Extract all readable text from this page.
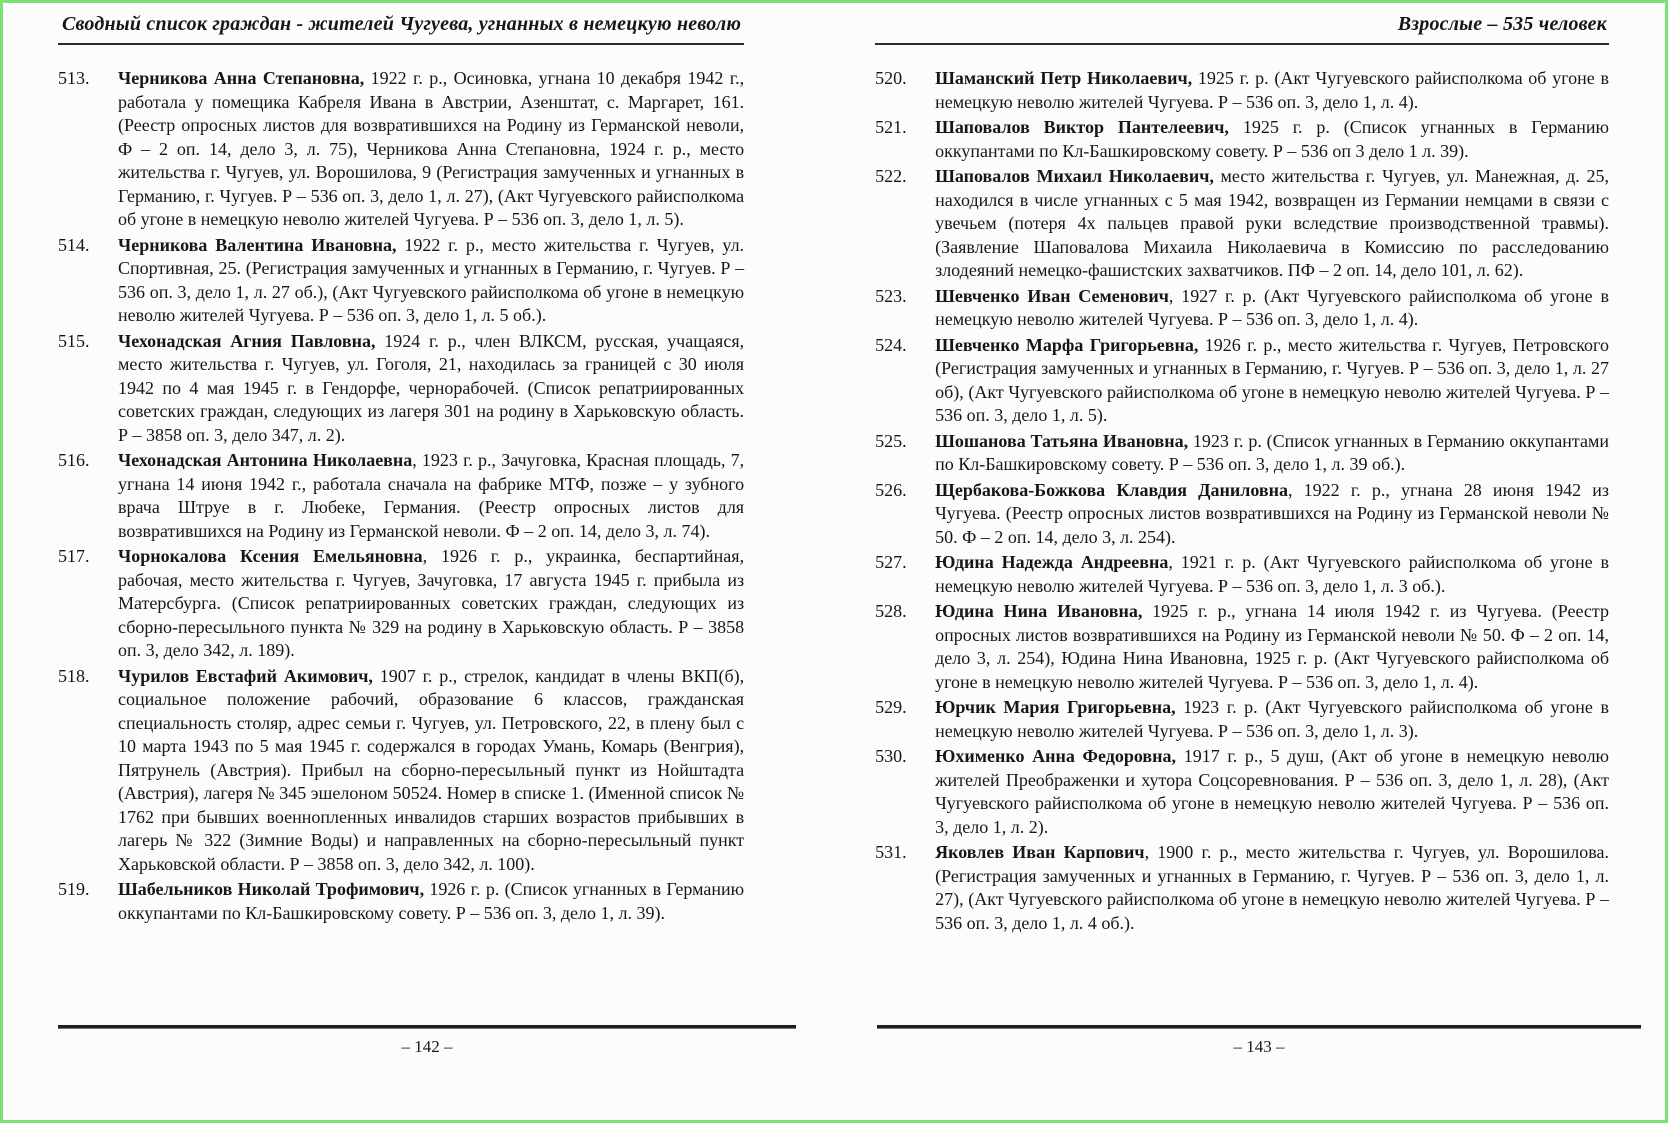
Сводный список граждан - жителей Чугуева, угнанных в немецкую неволю
513.	Черникова Анна Степановна, 1922 г. р., Осиновка, угнана 10 декабря 1942 г., работала у помещика Кабреля Ивана в Австрии, Азенштат, с. Маргарет, 161. (Реестр опросных листов для возвратившихся на Родину из Германской неволи, Ф – 2 оп. 14, дело 3, л. 75), Черникова Анна Степановна, 1924 г. р., место жительства г. Чугуев, ул. Ворошилова, 9 (Регистрация замученных и угнанных в Германию, г. Чугуев. Р – 536 оп. 3, дело 1, л. 27), (Акт Чугуевского райисполкома об угоне в немецкую неволю жителей Чугуева. Р – 536 оп. 3, дело 1, л. 5).

514.	Черникова Валентина Ивановна, 1922 г. р., место жительства г. Чугуев, ул. Спортивная, 25. (Регистрация замученных и угнанных в Германию, г. Чугуев. Р – 536 оп. 3, дело 1, л. 27 об.), (Акт Чугуевского райисполкома об угоне в немецкую неволю жителей Чугуева. Р – 536 оп. 3, дело 1, л. 5 об.).

515.	Чехонадская Агния Павловна, 1924 г. р., член ВЛКСМ, русская, учащаяся, место жительства г. Чугуев, ул. Гоголя, 21, находилась за границей с 30 июля 1942 по 4 мая 1945 г. в Гендорфе, чернорабочей. (Список репатриированных советских граждан, следующих из лагеря 301 на родину в Харьковскую область. Р – 3858 оп. 3, дело 347, л. 2).

516.	Чехонадская Антонина Николаевна, 1923 г. р., Зачуговка, Красная площадь, 7, угнана 14 июня 1942 г., работала сначала на фабрике МТФ, позже – у зубного врача Штруе в г. Любеке, Германия. (Реестр опросных листов для возвратившихся на Родину из Германской неволи. Ф – 2 оп. 14, дело 3, л. 74).

517.	Чорнокалова Ксения Емельяновна, 1926 г. р., украинка, беспартийная, рабочая, место жительства г. Чугуев, Зачуговка, 17 августа 1945 г. прибыла из Матерсбурга. (Список репатриированных советских граждан, следующих из сборно-пересыльного пункта № 329 на родину в Харьковскую область. Р – 3858 оп. 3, дело 342, л. 189).

518.	Чурилов Евстафий Акимович, 1907 г. р., стрелок, кандидат в члены ВКП(б), социальное положение рабочий, образование 6 классов, гражданская специальность столяр, адрес семьи г. Чугуев, ул. Петровского, 22, в плену был с 10 марта 1943 по 5 мая 1945 г. содержался в городах Умань, Комарь (Венгрия), Пятрунель (Австрия). Прибыл на сборно-пересыльный пункт из Нойштадта (Австрия), лагеря № 345 эшелоном 50524. Номер в списке 1. (Именной список № 1762 при бывших военнопленных инвалидов старших возрастов прибывших в лагерь № 322 (Зимние Воды) и направленных на сборно-пересыльный пункт Харьковской области. Р – 3858 оп. 3, дело 342, л. 100).

519.	Шабельников Николай Трофимович, 1926 г. р. (Список угнанных в Германию оккупантами по Кл-Башкировскому совету. Р – 536 оп. 3, дело 1, л. 39).

– 142 –
Взрослые – 535 человек
520.	Шаманский Петр Николаевич, 1925 г. р. (Акт Чугуевского райисполкома об угоне в немецкую неволю жителей Чугуева. Р – 536 оп. 3, дело 1, л. 4).

521.	Шаповалов Виктор Пантелеевич, 1925 г. р. (Список угнанных в Германию оккупантами по Кл-Башкировскому совету. Р – 536 оп 3 дело 1 л. 39).

522.	Шаповалов Михаил Николаевич, место жительства г. Чугуев, ул. Манежная, д. 25, находился в числе угнанных с 5 мая 1942, возвращен из Германии немцами в связи с увечьем (потеря 4х пальцев правой руки вследствие производственной травмы). (Заявление Шаповалова Михаила Николаевича в Комиссию по расследованию злодеяний немецко-фашистских захватчиков. ПФ – 2 оп. 14, дело 101, л. 62).

523.	Шевченко Иван Семенович, 1927 г. р. (Акт Чугуевского райисполкома об угоне в немецкую неволю жителей Чугуева. Р – 536 оп. 3, дело 1, л. 4).

524.	Шевченко Марфа Григорьевна, 1926 г. р., место жительства г. Чугуев, Петровского (Регистрация замученных и угнанных в Германию, г. Чугуев. Р – 536 оп. 3, дело 1, л. 27 об), (Акт Чугуевского райисполкома об угоне в немецкую неволю жителей Чугуева. Р – 536 оп. 3, дело 1, л. 5).

525.	Шошанова Татьяна Ивановна, 1923 г. р. (Список угнанных в Германию оккупантами по Кл-Башкировскому совету. Р – 536 оп. 3, дело 1, л. 39 об.).

526.	Щербакова-Божкова Клавдия Даниловна, 1922 г. р., угнана 28 июня 1942 из Чугуева. (Реестр опросных листов возвратившихся на Родину из Германской неволи № 50. Ф – 2 оп. 14, дело 3, л. 254).

527.	Юдина Надежда Андреевна, 1921 г. р. (Акт Чугуевского райисполкома об угоне в немецкую неволю жителей Чугуева. Р – 536 оп. 3, дело 1, л. 3 об.).

528.	Юдина Нина Ивановна, 1925 г. р., угнана 14 июля 1942 г. из Чугуева. (Реестр опросных листов возвратившихся на Родину из Германской неволи № 50. Ф – 2 оп. 14, дело 3, л. 254), Юдина Нина Ивановна, 1925 г. р. (Акт Чугуевского райисполкома об угоне в немецкую неволю жителей Чугуева. Р – 536 оп. 3, дело 1, л. 4).

529.	Юрчик Мария Григорьевна, 1923 г. р. (Акт Чугуевского райисполкома об угоне в немецкую неволю жителей Чугуева. Р – 536 оп. 3, дело 1, л. 3).

530.	Юхименко Анна Федоровна, 1917 г. р., 5 душ, (Акт об угоне в немецкую неволю жителей Преображенки и хутора Соцсоревнования. Р – 536 оп. 3, дело 1, л. 28), (Акт Чугуевского райисполкома об угоне в немецкую неволю жителей Чугуева. Р – 536 оп. 3, дело 1, л. 2).

531.	Яковлев Иван Карпович, 1900 г. р., место жительства г. Чугуев, ул. Ворошилова. (Регистрация замученных и угнанных в Германию, г. Чугуев. Р – 536 оп. 3, дело 1, л. 27), (Акт Чугуевского райисполкома об угоне в немецкую неволю жителей Чугуева. Р – 536 оп. 3, дело 1, л. 4 об.).

– 143 –
